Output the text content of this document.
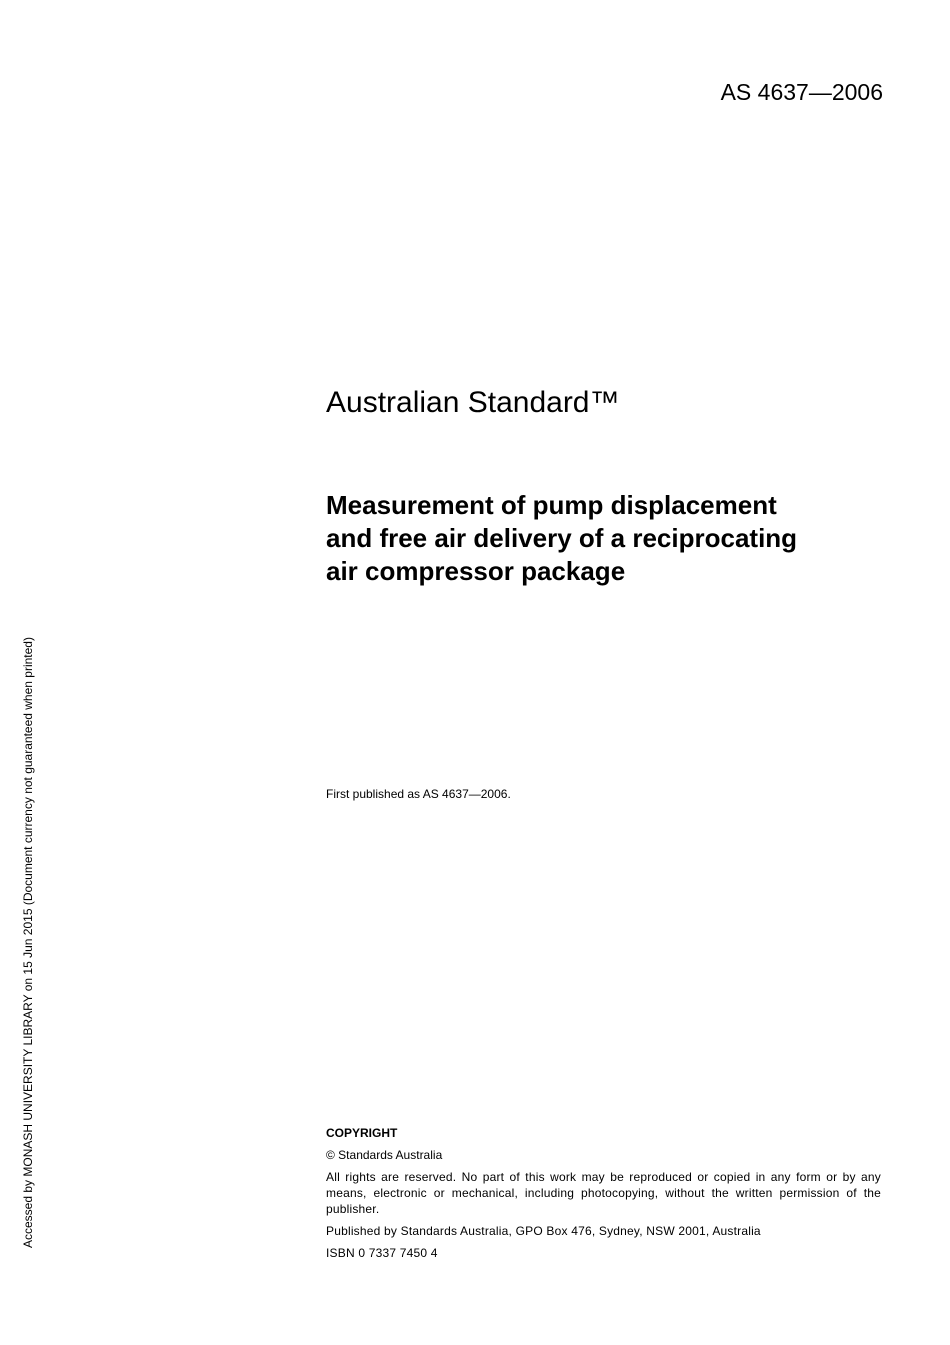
AS 4637—2006
Australian Standard™
Measurement of pump displacement
and free air delivery of a reciprocating
air compressor package
First published as AS 4637—2006.

COPYRIGHT

© Standards Australia

All rights are reserved. No part of this work may be reproduced or copied in any form or by any means, electronic or mechanical, including photocopying, without the written permission of the publisher.

Published by Standards Australia, GPO Box 476, Sydney, NSW 2001, Australia

ISBN 0 7337 7450 4

Accessed by MONASH UNIVERSITY LIBRARY on 15 Jun 2015 (Document currency not guaranteed when printed)
